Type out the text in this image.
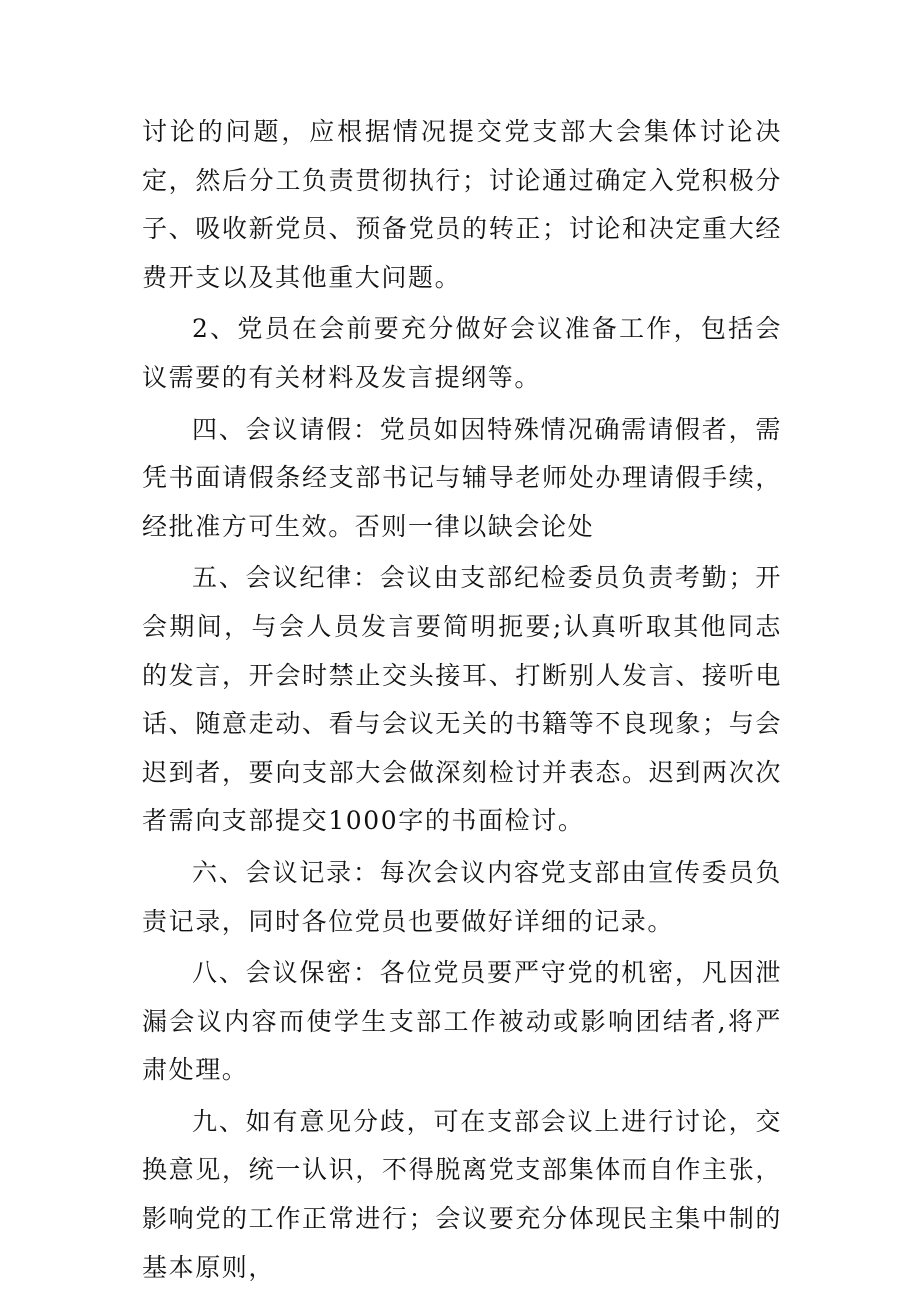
讨论的问题，应根据情况提交党支部大会集体讨论决定，然后分工负责贯彻执行；讨论通过确定入党积极分子、吸收新党员、预备党员的转正；讨论和决定重大经费开支以及其他重大问题。

2、党员在会前要充分做好会议准备工作，包括会议需要的有关材料及发言提纲等。

四、会议请假：党员如因特殊情况确需请假者，需凭书面请假条经支部书记与辅导老师处办理请假手续，经批准方可生效。否则一律以缺会论处

五、会议纪律：会议由支部纪检委员负责考勤；开会期间，与会人员发言要简明扼要;认真听取其他同志的发言，开会时禁止交头接耳、打断别人发言、接听电话、随意走动、看与会议无关的书籍等不良现象；与会迟到者，要向支部大会做深刻检讨并表态。迟到两次次者需向支部提交1000字的书面检讨。

六、会议记录：每次会议内容党支部由宣传委员负责记录，同时各位党员也要做好详细的记录。

八、会议保密：各位党员要严守党的机密，凡因泄漏会议内容而使学生支部工作被动或影响团结者,将严肃处理。

九、如有意见分歧，可在支部会议上进行讨论，交换意见，统一认识，不得脱离党支部集体而自作主张，影响党的工作正常进行；会议要充分体现民主集中制的基本原则，
